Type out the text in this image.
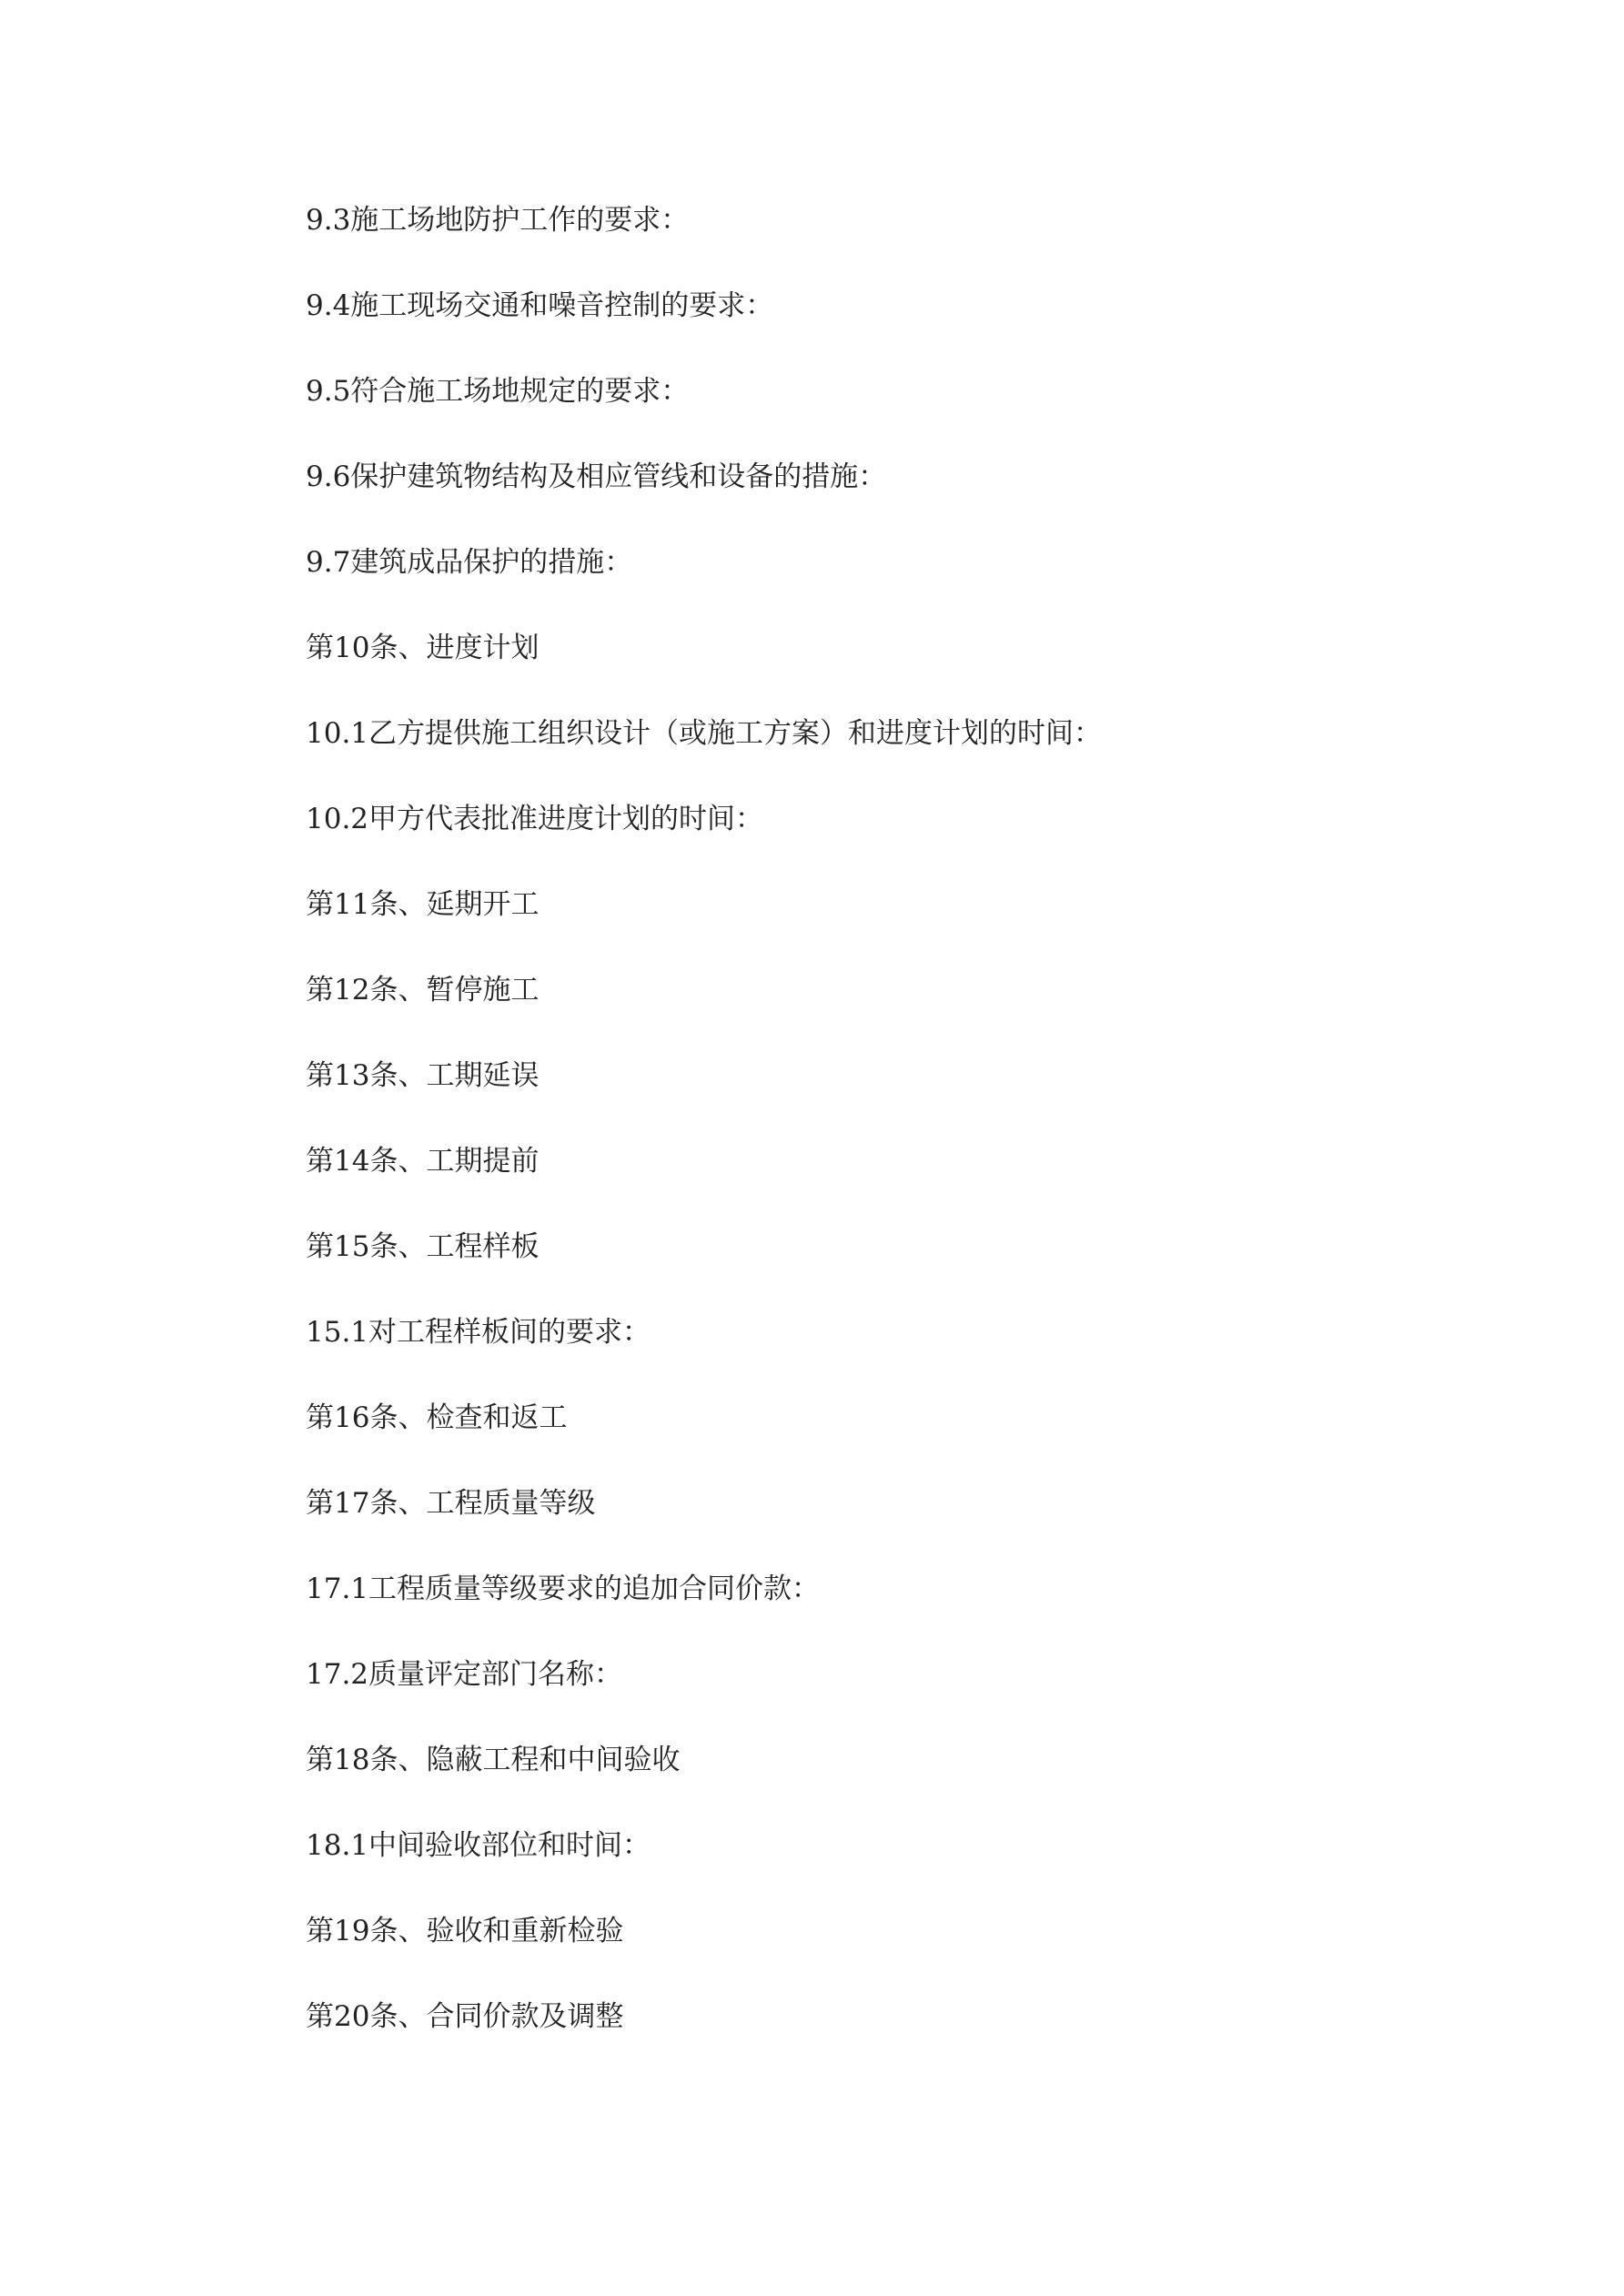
9.3施工场地防护工作的要求：
9.4施工现场交通和噪音控制的要求：
9.5符合施工场地规定的要求：
9.6保护建筑物结构及相应管线和设备的措施：
9.7建筑成品保护的措施：
第10条、进度计划
10.1乙方提供施工组织设计（或施工方案）和进度计划的时间：
10.2甲方代表批准进度计划的时间：
第11条、延期开工
第12条、暂停施工
第13条、工期延误
第14条、工期提前
第15条、工程样板
15.1对工程样板间的要求：
第16条、检查和返工
第17条、工程质量等级
17.1工程质量等级要求的追加合同价款：
17.2质量评定部门名称：
第18条、隐蔽工程和中间验收
18.1中间验收部位和时间：
第19条、验收和重新检验
第20条、合同价款及调整
